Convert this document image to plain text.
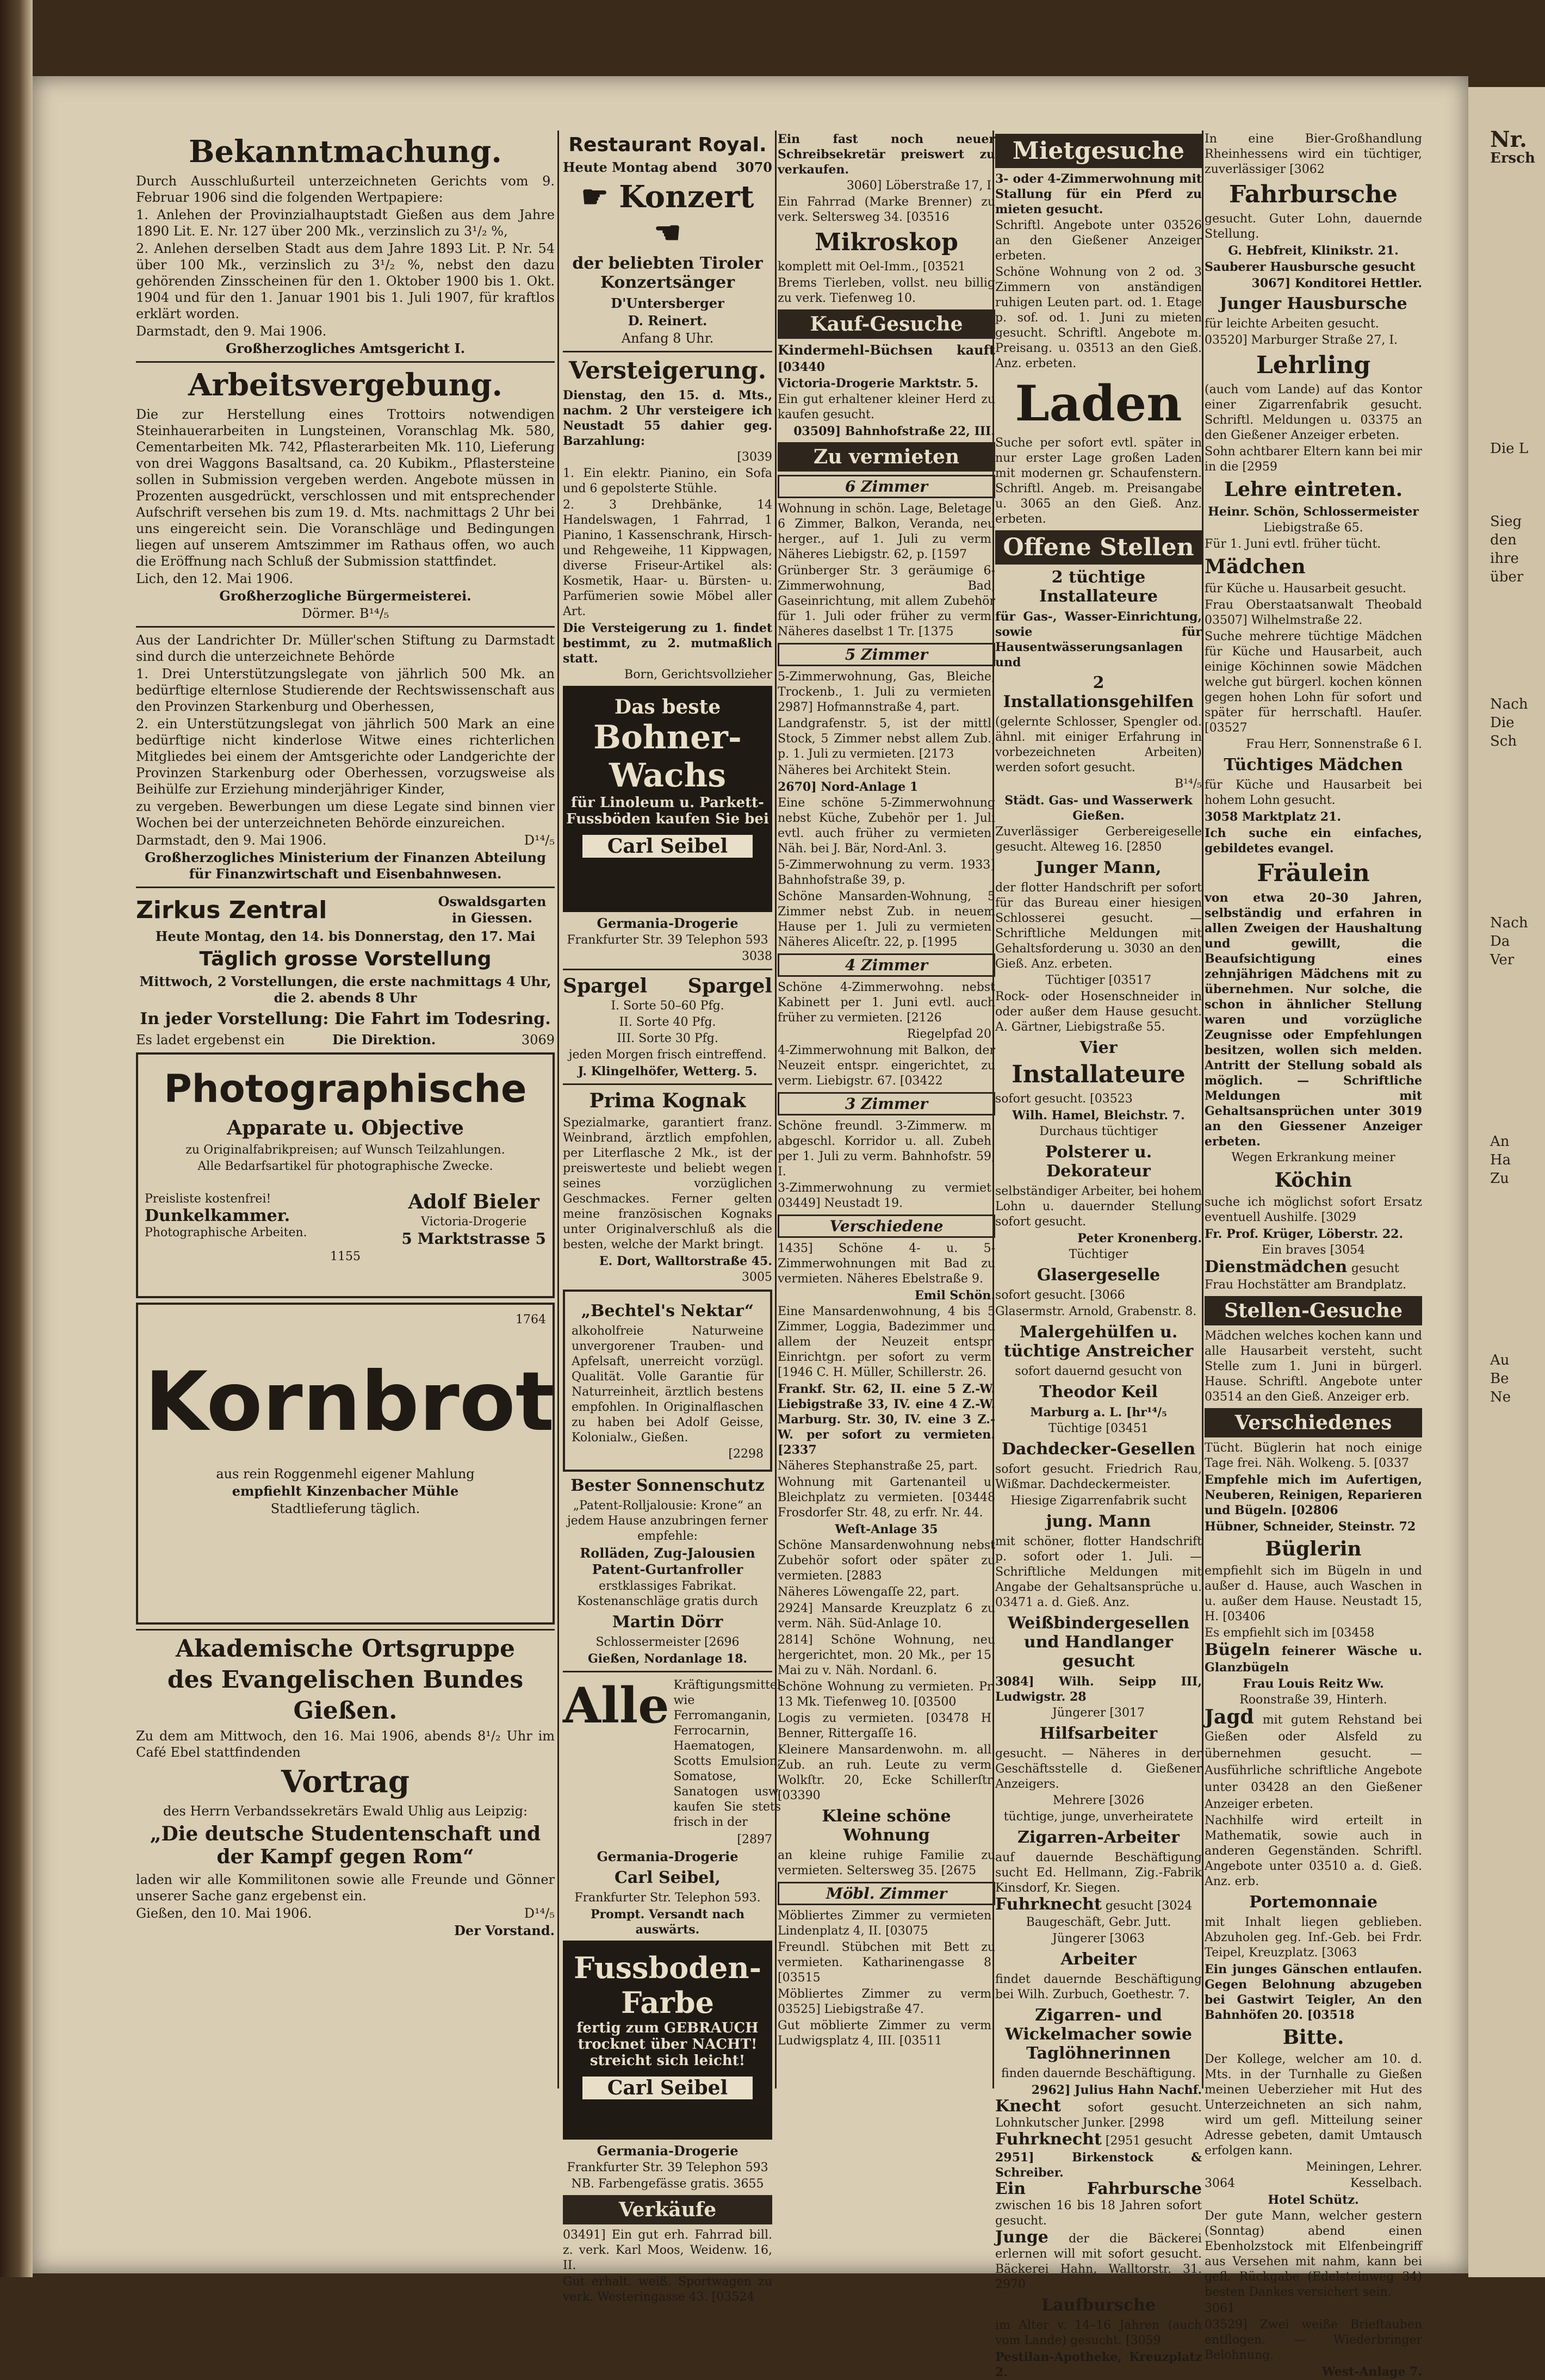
Nr.
Ersch
Die L
Sieg
den
ihre
über
Nach
Die
Sch
Nach
Da
Ver
An
Ha
Zu
Au
Be
Ne
Bekanntmachung.
Durch Ausschlußurteil unterzeichneten Gerichts vom 9. Februar 1906 sind die folgenden Wertpapiere:
1. Anlehen der Provinzialhauptstadt Gießen aus dem Jahre 1890 Lit. E. Nr. 127 über 200 Mk., verzinslich zu 3¹/₂ %,
2. Anlehen derselben Stadt aus dem Jahre 1893 Lit. P. Nr. 54 über 100 Mk., verzinslich zu 3¹/₂ %, nebst den dazu gehörenden Zinsscheinen für den 1. Oktober 1900 bis 1. Okt. 1904 und für den 1. Januar 1901 bis 1. Juli 1907, für kraftlos erklärt worden.
Darmstadt, den 9. Mai 1906.
Großherzogliches Amtsgericht I.
Arbeitsvergebung.
Die zur Herstellung eines Trottoirs notwendigen Steinhauerarbeiten in Lungsteinen, Voranschlag Mk. 580, Cementarbeiten Mk. 742, Pflasterarbeiten Mk. 110, Lieferung von drei Waggons Basaltsand, ca. 20 Kubikm., Pflastersteine sollen in Submission vergeben werden. Angebote müssen in Prozenten ausgedrückt, verschlossen und mit entsprechender Aufschrift versehen bis zum 19. d. Mts. nachmittags 2 Uhr bei uns eingereicht sein. Die Voranschläge und Bedingungen liegen auf unserem Amtszimmer im Rathaus offen, wo auch die Eröffnung nach Schluß der Submission stattfindet.
Lich, den 12. Mai 1906.
Großherzogliche Bürgermeisterei.
Dörmer. B¹⁴/₅
Aus der Landrichter Dr. Müller'schen Stiftung zu Darmstadt sind durch die unterzeichnete Behörde
1. Drei Unterstützungslegate von jährlich 500 Mk. an bedürftige elternlose Studierende der Rechtswissenschaft aus den Provinzen Starkenburg und Oberhessen,
2. ein Unterstützungslegat von jährlich 500 Mark an eine bedürftige nicht kinderlose Witwe eines richterlichen Mitgliedes bei einem der Amtsgerichte oder Landgerichte der Provinzen Starkenburg oder Oberhessen, vorzugsweise als Beihülfe zur Erziehung minderjähriger Kinder,
zu vergeben. Bewerbungen um diese Legate sind binnen vier Wochen bei der unterzeichneten Behörde einzureichen.
Darmstadt, den 9. Mai 1906.	D¹⁴/₅
Großherzogliches Ministerium der Finanzen Abteilung für Finanzwirtschaft und Eisenbahnwesen.
Zirkus Zentral	Oswaldsgarten in Giessen.
Heute Montag, den 14. bis Donnerstag, den 17. Mai
Täglich grosse Vorstellung
Mittwoch, 2 Vorstellungen, die erste nachmittags 4 Uhr, die 2. abends 8 Uhr
In jeder Vorstellung: Die Fahrt im Todesring.
Es ladet ergebenst ein	Die Direktion.	3069
Photographische
Apparate u. Objective
zu Originalfabrikpreisen; auf Wunsch Teilzahlungen.
Alle Bedarfsartikel für photographische Zwecke.
Preisliste kostenfrei!
Dunkelkammer.
Photographische Arbeiten.
Adolf Bieler
Victoria-Drogerie
5 Marktstrasse 5
1155
1764
Kornbrot
aus rein Roggenmehl eigener Mahlung
empfiehlt Kinzenbacher Mühle
Stadtlieferung täglich.
Akademische Ortsgruppe
des Evangelischen Bundes
Gießen.
Zu dem am Mittwoch, den 16. Mai 1906, abends 8¹/₂ Uhr im Café Ebel stattfindenden
Vortrag
des Herrn Verbandssekretärs Ewald Uhlig aus Leipzig:
„Die deutsche Studentenschaft und der Kampf gegen Rom“
laden wir alle Kommilitonen sowie alle Freunde und Gönner unserer Sache ganz ergebenst ein.
Gießen, den 10. Mai 1906.	D¹⁴/₅
Der Vorstand.
Restaurant Royal.
Heute Montag abend 3070
☛ Konzert ☚
der beliebten Tiroler Konzertsänger
D'Untersberger
D. Reinert.
Anfang 8 Uhr.
Versteigerung.
Dienstag, den 15. d. Mts., nachm. 2 Uhr versteigere ich Neustadt 55 dahier geg. Barzahlung:
[3039
1. Ein elektr. Pianino, ein Sofa und 6 gepolsterte Stühle.
2. 3 Drehbänke, 14 Handelswagen, 1 Fahrrad, 1 Pianino, 1 Kassenschrank, Hirsch- und Rehgeweihe, 11 Kippwagen, diverse Friseur-Artikel als: Kosmetik, Haar- u. Bürsten- u. Parfümerien sowie Möbel aller Art.
Die Versteigerung zu 1. findet bestimmt, zu 2. mutmaßlich statt.
Born, Gerichtsvollzieher
Das beste
Bohner-Wachs
für Linoleum u. Parkett-Fussböden kaufen Sie bei
Carl Seibel
Germania-Drogerie
Frankfurter Str. 39 Telephon 593
3038
Spargel Spargel
I. Sorte 50–60 Pfg.
II. Sorte 40 Pfg.
III. Sorte 30 Pfg.
jeden Morgen frisch eintreffend.
J. Klingelhöfer, Wetterg. 5.
Prima Kognak
Spezialmarke, garantiert franz. Weinbrand, ärztlich empfohlen, per Literflasche 2 Mk., ist der preiswerteste und beliebt wegen seines vorzüglichen Geschmackes. Ferner gelten meine französischen Kognaks unter Originalverschluß als die besten, welche der Markt bringt.
E. Dort, Walltorstraße 45.
3005
„Bechtel's Nektar“
alkoholfreie Naturweine unvergorener Trauben- und Apfelsaft, unerreicht vorzügl. Qualität. Volle Garantie für Naturreinheit, ärztlich bestens empfohlen. In Originalflaschen zu haben bei Adolf Geisse, Kolonialw., Gießen.
[2298
Bester Sonnenschutz
„Patent-Rolljalousie: Krone“ an jedem Hause anzubringen ferner empfehle:
Rolläden, Zug-Jalousien Patent-Gurtanfroller
erstklassiges Fabrikat. Kostenanschläge gratis durch
Martin Dörr
Schlossermeister [2696
Gießen, Nordanlage 18.
Alle Kräftigungsmittel wie Ferromanganin, Ferrocarnin, Haematogen, Scotts Emulsion, Somatose, Sanatogen usw. kaufen Sie stets frisch in der
[2897
Germania-Drogerie
Carl Seibel,
Frankfurter Str. Telephon 593.
Prompt. Versandt nach auswärts.
Fussboden-Farbe
fertig zum GEBRAUCH
trocknet über NACHT! streicht sich leicht!
Carl Seibel
Germania-Drogerie
Frankfurter Str. 39 Telephon 593
NB. Farbengefässe gratis. 3655
Verkäufe
03491] Ein gut erh. Fahrrad bill. z. verk. Karl Moos, Weidenw. 16, II.
Gut erhalt. weiß. Sportwagen zu verk. Westeringasse 43. [03524
Ein fast noch neuer Schreibsekretär preiswert zu verkaufen.
3060] Löberstraße 17, I.
Ein Fahrrad (Marke Brenner) zu verk. Seltersweg 34. [03516
Mikroskop
komplett mit Oel-Imm., [03521
Brems Tierleben, vollst. neu billig zu verk. Tiefenweg 10.
Kauf-Gesuche
Kindermehl-Büchsen kauft [03440
Victoria-Drogerie Marktstr. 5.
Ein gut erhaltener kleiner Herd zu kaufen gesucht.
03509] Bahnhofstraße 22, III.
Zu vermieten
6 Zimmer
Wohnung in schön. Lage, Beletage, 6 Zimmer, Balkon, Veranda, neu herger., auf 1. Juli zu verm. Näheres Liebigstr. 62, p. [1597
Grünberger Str. 3 geräumige 6-Zimmerwohnung, Bad, Gaseinrichtung, mit allem Zubehör für 1. Juli oder früher zu verm. Näheres daselbst 1 Tr. [1375
5 Zimmer
5-Zimmerwohnung, Gas, Bleiche, Trockenb., 1. Juli zu vermieten. 2987] Hofmannstraße 4, part.
Landgrafenstr. 5, ist der mittl. Stock, 5 Zimmer nebst allem Zub., p. 1. Juli zu vermieten. [2173
Näheres bei Architekt Stein.
2670] Nord-Anlage 1
Eine schöne 5-Zimmerwohnung nebst Küche, Zubehör per 1. Juli evtl. auch früher zu vermieten. Näh. bei J. Bär, Nord-Anl. 3.
5-Zimmerwohnung zu verm. 1933] Bahnhofstraße 39, p.
Schöne Mansarden-Wohnung, 5 Zimmer nebst Zub. in neuem Hause per 1. Juli zu vermieten. Näheres Aliceſtr. 22, p. [1995
4 Zimmer
Schöne 4-Zimmerwohng. nebst Kabinett per 1. Juni evtl. auch früher zu vermieten. [2126
Riegelpfad 20.
4-Zimmerwohnung mit Balkon, der Neuzeit entspr. eingerichtet, zu verm. Liebigstr. 67. [03422
3 Zimmer
Schöne freundl. 3-Zimmerw. m. abgeschl. Korridor u. all. Zubeh. per 1. Juli zu verm. Bahnhofstr. 59, I.
3-Zimmerwohnung zu vermiet. 03449] Neustadt 19.
Verschiedene
1435] Schöne 4- u. 5-Zimmerwohnungen mit Bad zu vermieten. Näheres Ebelstraße 9.
Emil Schön.
Eine Mansardenwohnung, 4 bis 5 Zimmer, Loggia, Badezimmer und allem der Neuzeit entspr. Einrichtgn. per sofort zu verm. [1946 C. H. Müller, Schillerstr. 26.
Frankf. Str. 62, II. eine 5 Z.-W. Liebigstraße 33, IV. eine 4 Z.-W. Marburg. Str. 30, IV. eine 3 Z.-W. per sofort zu vermieten. [2337
Näheres Stephanstraße 25, part.
Wohnung mit Gartenanteil u. Bleichplatz zu vermieten. [03448 Frosdorfer Str. 48, zu erfr. Nr. 44.
Weſt-Anlage 35
Schöne Mansardenwohnung nebst Zubehör sofort oder später zu vermieten. [2883
Näheres Löwengaſſe 22, part.
2924] Mansarde Kreuzplatz 6 zu verm. Näh. Süd-Anlage 10.
2814] Schöne Wohnung, neu hergerichtet, mon. 20 Mk., per 15. Mai zu v. Näh. Nordanl. 6.
Schöne Wohnung zu vermieten. Pr. 13 Mk. Tiefenweg 10. [03500
Logis zu vermieten. [03478 H. Benner, Rittergaſſe 16.
Kleinere Mansardenwohn. m. all. Zub. an ruh. Leute zu verm. Wolkſtr. 20, Ecke Schillerſtr. [03390
Kleine schöne Wohnung
an kleine ruhige Familie zu vermieten. Seltersweg 35. [2675
Möbl. Zimmer
Möbliertes Zimmer zu vermieten. Lindenplatz 4, II. [03075
Freundl. Stübchen mit Bett zu vermieten. Katharinengasse 8. [03515
Möbliertes Zimmer zu verm. 03525] Liebigstraße 47.
Gut möblierte Zimmer zu verm. Ludwigsplatz 4, III. [03511
Mietgesuche
3- oder 4-Zimmerwohnung mit Stallung für ein Pferd zu mieten gesucht.
Schriftl. Angebote unter 03526 an den Gießener Anzeiger erbeten.
Schöne Wohnung von 2 od. 3 Zimmern von anständigen ruhigen Leuten part. od. 1. Etage p. sof. od. 1. Juni zu mieten gesucht. Schriftl. Angebote m. Preisang. u. 03513 an den Gieß. Anz. erbeten.
Laden
Suche per sofort evtl. später in nur erster Lage großen Laden mit modernen gr. Schaufenstern. Schriftl. Angeb. m. Preisangabe u. 3065 an den Gieß. Anz. erbeten.
Offene Stellen
2 tüchtige Installateure
für Gas-, Wasser-Einrichtung, sowie für Hausentwässerungsanlagen und
2 Installationsgehilfen
(gelernte Schlosser, Spengler od. ähnl. mit einiger Erfahrung in vorbezeichneten Arbeiten) werden sofort gesucht.
B¹⁴/₅
Städt. Gas- und Wasserwerk Gießen.
Zuverlässiger Gerbereigeselle gesucht. Alteweg 16. [2850
Junger Mann,
der flotter Handschrift per sofort für das Bureau einer hiesigen Schlosserei gesucht. — Schriftliche Meldungen mit Gehaltsforderung u. 3030 an den Gieß. Anz. erbeten.
Tüchtiger [03517
Rock- oder Hosenschneider in oder außer dem Hause gesucht. A. Gärtner, Liebigstraße 55.
Vier
Installateure
sofort gesucht. [03523
Wilh. Hamel, Bleichstr. 7.
Durchaus tüchtiger
Polsterer u. Dekorateur
selbständiger Arbeiter, bei hohem Lohn u. dauernder Stellung sofort gesucht.
Peter Kronenberg.
Tüchtiger
Glasergeselle
sofort gesucht. [3066
Glasermstr. Arnold, Grabenstr. 8.
Malergehülfen u. tüchtige Anstreicher
sofort dauernd gesucht von
Theodor Keil
Marburg a. L. [hr¹⁴/₅
Tüchtige [03451
Dachdecker-Gesellen
sofort gesucht. Friedrich Rau, Wißmar. Dachdeckermeister.
Hiesige Zigarrenfabrik sucht
jung. Mann
mit schöner, flotter Handschrift p. sofort oder 1. Juli. — Schriftliche Meldungen mit Angabe der Gehaltsansprüche u. 03471 a. d. Gieß. Anz.
Weißbindergesellen und Handlanger gesucht
3084] Wilh. Seipp III, Ludwigstr. 28
Jüngerer [3017
Hilfsarbeiter
gesucht. — Näheres in der Geschäftsstelle d. Gießener Anzeigers.
Mehrere [3026
tüchtige, junge, unverheiratete
Zigarren-Arbeiter
auf dauernde Beschäftigung sucht Ed. Hellmann, Zig.-Fabrik Kinsdorf, Kr. Siegen.
Fuhrknecht gesucht [3024
Baugeschäft, Gebr. Jutt.
Jüngerer [3063
Arbeiter
findet dauernde Beschäftigung bei Wilh. Zurbuch, Goethestr. 7.
Zigarren- und Wickelmacher sowie Taglöhnerinnen
finden dauernde Beschäftigung.
2962] Julius Hahn Nachf.
Knecht sofort gesucht. Lohnkutscher Junker. [2998
Fuhrknecht [2951 gesucht
2951] Birkenstock & Schreiber.
Ein Fahrbursche zwischen 16 bis 18 Jahren sofort gesucht.
Junge der die Bäckerei erlernen will mit sofort gesucht. Bäckerei Hahn, Walltorstr. 31. 2970
Laufbursche
im Alter v. 14–16 Jahren (auch vom Lande) gesucht. [3059
Pestilan-Apotheke, Kreuzplatz 2.
In eine Bier-Großhandlung Rheinhessens wird ein tüchtiger, zuverlässiger [3062
Fahrbursche
gesucht. Guter Lohn, dauernde Stellung.
G. Hebfreit, Klinikstr. 21.
Sauberer Hausbursche gesucht
3067] Konditorei Hettler.
Junger Hausbursche
für leichte Arbeiten gesucht.
03520] Marburger Straße 27, I.
Lehrling
(auch vom Lande) auf das Kontor einer Zigarrenfabrik gesucht. Schriftl. Meldungen u. 03375 an den Gießener Anzeiger erbeten.
Sohn achtbarer Eltern kann bei mir in die [2959
Lehre eintreten.
Heinr. Schön, Schlossermeister
Liebigstraße 65.
Für 1. Juni evtl. früher tücht.
Mädchen
für Küche u. Hausarbeit gesucht.
Frau Oberstaatsanwalt Theobald 03507] Wilhelmstraße 22.
Suche mehrere tüchtige Mädchen für Küche und Hausarbeit, auch einige Köchinnen sowie Mädchen welche gut bürgerl. kochen können gegen hohen Lohn für sofort und später für herrschaftl. Hauſer. [03527
Frau Herr, Sonnenstraße 6 I.
Tüchtiges Mädchen
für Küche und Hausarbeit bei hohem Lohn gesucht.
3058 Marktplatz 21.
Ich suche ein einfaches, gebildetes evangel.
Fräulein
von etwa 20–30 Jahren, selbständig und erfahren in allen Zweigen der Haushaltung und gewillt, die Beaufsichtigung eines zehnjährigen Mädchens mit zu übernehmen. Nur solche, die schon in ähnlicher Stellung waren und vorzügliche Zeugnisse oder Empfehlungen besitzen, wollen sich melden. Antritt der Stellung sobald als möglich. — Schriftliche Meldungen mit Gehaltsansprüchen unter 3019 an den Giessener Anzeiger erbeten.
Wegen Erkrankung meiner
Köchin
suche ich möglichst sofort Ersatz eventuell Aushilfe. [3029
Fr. Prof. Krüger, Löberstr. 22.
Ein braves [3054
Dienstmädchen gesucht
Frau Hochstätter am Brandplatz.
Stellen-Gesuche
Mädchen welches kochen kann und alle Hausarbeit versteht, sucht Stelle zum 1. Juni in bürgerl. Hause. Schriftl. Angebote unter 03514 an den Gieß. Anzeiger erb.
Verschiedenes
Tücht. Büglerin hat noch einige Tage frei. Näh. Wolkeng. 5. [0337
Empfehle mich im Aufertigen, Neuberen, Reinigen, Reparieren und Bügeln. [02806
Hübner, Schneider, Steinstr. 72
Büglerin
empfiehlt sich im Bügeln in und außer d. Hause, auch Waschen in u. außer dem Hause. Neustadt 15, H. [03406
Es empfiehlt sich im [03458
Bügeln feinerer Wäsche u. Glanzbügeln
Frau Louis Reitz Ww.
Roonstraße 39, Hinterh.
Jagd mit gutem Rehstand bei Gießen oder Alsfeld zu übernehmen gesucht. — Ausführliche schriftliche Angebote unter 03428 an den Gießener Anzeiger erbeten.
Nachhilfe wird erteilt in Mathematik, sowie auch in anderen Gegenständen. Schriftl. Angebote unter 03510 a. d. Gieß. Anz. erb.
Portemonnaie
mit Inhalt liegen geblieben. Abzuholen geg. Inf.-Geb. bei Frdr. Teipel, Kreuzplatz. [3063
Ein junges Gänschen entlaufen. Gegen Belohnung abzugeben bei Gastwirt Teigler, An den Bahnhöfen 20. [03518
Bitte.
Der Kollege, welcher am 10. d. Mts. in der Turnhalle zu Gießen meinen Ueberzieher mit Hut des Unterzeichneten an sich nahm, wird um gefl. Mitteilung seiner Adresse gebeten, damit Umtausch erfolgen kann.
Meiningen, Lehrer.
3064	Kesselbach.
Hotel Schütz.
Der gute Mann, welcher gestern (Sonntag) abend einen Ebenholzstock mit Elfenbeingriff aus Versehen mit nahm, kann bei gefl. Rückgabe (Edelsteinweg 34) besten Dankes versichert sein.
3061
03529] Zwei weiße Brieftauben entflogen. — Wiederbringer Belohnung.
West-Anlage 7.
